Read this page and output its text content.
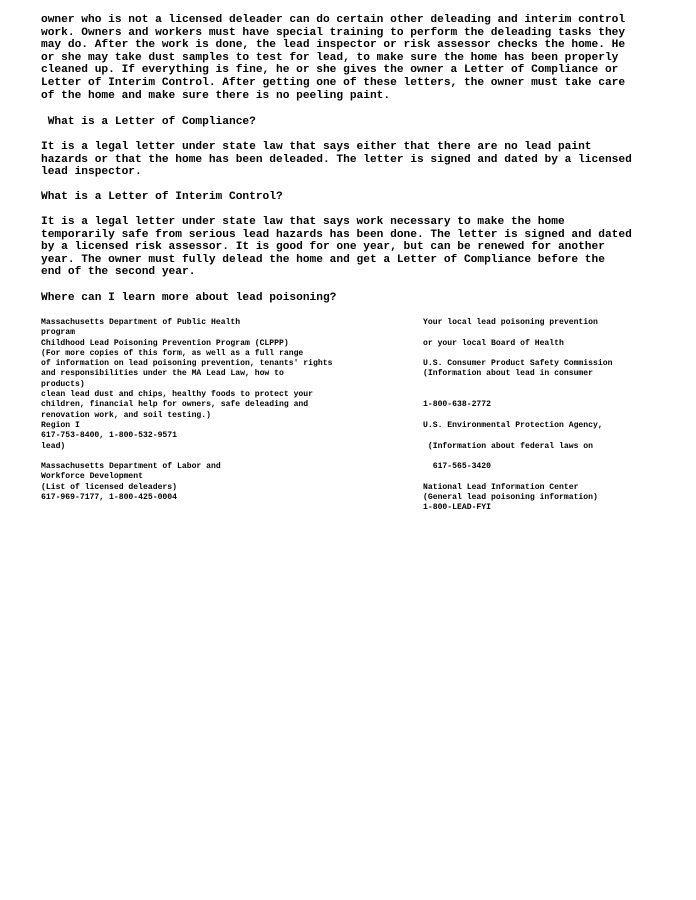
owner who is not a licensed deleader can do certain other deleading and interim control
work. Owners and workers must have special training to perform the deleading tasks they
may do. After the work is done, the lead inspector or risk assessor checks the home. He
or she may take dust samples to test for lead, to make sure the home has been properly
cleaned up. If everything is fine, he or she gives the owner a Letter of Compliance or
Letter of Interim Control. After getting one of these letters, the owner must take care
of the home and make sure there is no peeling paint.

What is a Letter of Compliance?

It is a legal letter under state law that says either that there are no lead paint
hazards or that the home has been deleaded. The letter is signed and dated by a licensed
lead inspector.

What is a Letter of Interim Control?

It is a legal letter under state law that says work necessary to make the home
temporarily safe from serious lead hazards has been done. The letter is signed and dated
by a licensed risk assessor. It is good for one year, but can be renewed for another
year. The owner must fully delead the home and get a Letter of Compliance before the
end of the second year.

Where can I learn more about lead poisoning?

Massachusetts Department of Public Health
program
Childhood Lead Poisoning Prevention Program (CLPPP)
(For more copies of this form, as well as a full range
of information on lead poisoning prevention, tenants' rights
and responsibilities under the MA Lead Law, how to
products)
clean lead dust and chips, healthy foods to protect your
children, financial help for owners, safe deleading and
renovation work, and soil testing.)
Region I
617-753-8400, 1-800-532-9571
lead)

Massachusetts Department of Labor and
Workforce Development
(List of licensed deleaders)
617-969-7177, 1-800-425-0004

Your local lead poisoning prevention

or your local Board of Health

U.S. Consumer Product Safety Commission
(Information about lead in consumer

1-800-638-2772

U.S. Environmental Protection Agency,

(Information about federal laws on

617-565-3420

National Lead Information Center
(General lead poisoning information)
1-800-LEAD-FYI
